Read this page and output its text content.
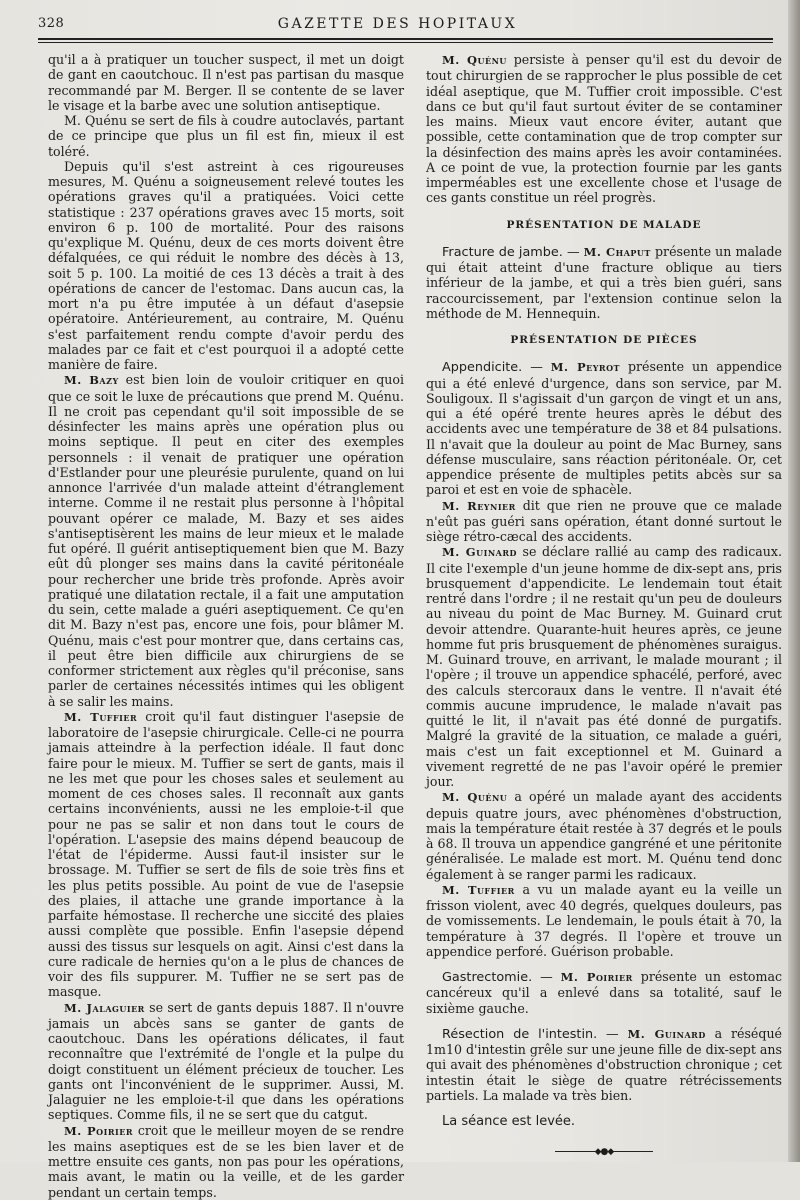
328	GAZETTE DES HOPITAUX

qu'il a à pratiquer un toucher suspect, il met un doigt de gant en caoutchouc. Il n'est pas partisan du masque recommandé par M. Berger. Il se contente de se laver le visage et la barbe avec une solution antiseptique.

M. Quénu se sert de fils à coudre autoclavés, partant de ce principe que plus un fil est fin, mieux il est toléré.

Depuis qu'il s'est astreint à ces rigoureuses mesures, M. Quénu a soigneusement relevé toutes les opérations graves qu'il a pratiquées. Voici cette statistique : 237 opérations graves avec 15 morts, soit environ 6 p. 100 de mortalité. Pour des raisons qu'explique M. Quénu, deux de ces morts doivent être défalquées, ce qui réduit le nombre des décès à 13, soit 5 p. 100. La moitié de ces 13 décès a trait à des opérations de cancer de l'estomac. Dans aucun cas, la mort n'a pu être imputée à un défaut d'asepsie opératoire. Antérieurement, au contraire, M. Quénu s'est parfaitement rendu compte d'avoir perdu des malades par ce fait et c'est pourquoi il a adopté cette manière de faire.

M. Bazy est bien loin de vouloir critiquer en quoi que ce soit le luxe de précautions que prend M. Quénu. Il ne croit pas cependant qu'il soit impossible de se désinfecter les mains après une opération plus ou moins septique. Il peut en citer des exemples personnels : il venait de pratiquer une opération d'Estlander pour une pleurésie purulente, quand on lui annonce l'arrivée d'un malade atteint d'étranglement interne. Comme il ne restait plus personne à l'hôpital pouvant opérer ce malade, M. Bazy et ses aides s'antiseptisèrent les mains de leur mieux et le malade fut opéré. Il guérit antiseptiquement bien que M. Bazy eût dû plonger ses mains dans la cavité péritonéale pour rechercher une bride très profonde. Après avoir pratiqué une dilatation rectale, il a fait une amputation du sein, cette malade a guéri aseptiquement. Ce qu'en dit M. Bazy n'est pas, encore une fois, pour blâmer M. Quénu, mais c'est pour montrer que, dans certains cas, il peut être bien difficile aux chirurgiens de se conformer strictement aux règles qu'il préconise, sans parler de certaines nécessités intimes qui les obligent à se salir les mains.

M. Tuffier croit qu'il faut distinguer l'asepsie de laboratoire de l'asepsie chirurgicale. Celle-ci ne pourra jamais atteindre à la perfection idéale. Il faut donc faire pour le mieux. M. Tuffier se sert de gants, mais il ne les met que pour les choses sales et seulement au moment de ces choses sales. Il reconnaît aux gants certains inconvénients, aussi ne les emploie-t-il que pour ne pas se salir et non dans tout le cours de l'opération. L'asepsie des mains dépend beaucoup de l'état de l'épiderme. Aussi faut-il insister sur le brossage. M. Tuffier se sert de fils de soie très fins et les plus petits possible. Au point de vue de l'asepsie des plaies, il attache une grande importance à la parfaite hémostase. Il recherche une siccité des plaies aussi complète que possible. Enfin l'asepsie dépend aussi des tissus sur lesquels on agit. Ainsi c'est dans la cure radicale de hernies qu'on a le plus de chances de voir des fils suppurer. M. Tuffier ne se sert pas de masque.

M. Jalaguier se sert de gants depuis 1887. Il n'ouvre jamais un abcès sans se ganter de gants de caoutchouc. Dans les opérations délicates, il faut reconnaître que l'extrémité de l'ongle et la pulpe du doigt constituent un élément précieux de toucher. Les gants ont l'inconvénient de le supprimer. Aussi, M. Jalaguier ne les emploie-t-il que dans les opérations septiques. Comme fils, il ne se sert que du catgut.

M. Poirier croit que le meilleur moyen de se rendre les mains aseptiques est de se les bien laver et de mettre ensuite ces gants, non pas pour les opérations, mais avant, le matin ou la veille, et de les garder pendant un certain temps.

M. Quénu persiste à penser qu'il est du devoir de tout chirurgien de se rapprocher le plus possible de cet idéal aseptique, que M. Tuffier croit impossible. C'est dans ce but qu'il faut surtout éviter de se contaminer les mains. Mieux vaut encore éviter, autant que possible, cette contamination que de trop compter sur la désinfection des mains après les avoir contaminées. A ce point de vue, la protection fournie par les gants imperméables est une excellente chose et l'usage de ces gants constitue un réel progrès.

PRÉSENTATION DE MALADE

Fracture de jambe. — M. Chaput présente un malade qui était atteint d'une fracture oblique au tiers inférieur de la jambe, et qui a très bien guéri, sans raccourcissement, par l'extension continue selon la méthode de M. Hennequin.

PRÉSENTATION DE PIÈCES

Appendicite. — M. Peyrot présente un appendice qui a été enlevé d'urgence, dans son service, par M. Souligoux. Il s'agissait d'un garçon de vingt et un ans, qui a été opéré trente heures après le début des accidents avec une température de 38 et 84 pulsations. Il n'avait que la douleur au point de Mac Burney, sans défense musculaire, sans réaction péritonéale. Or, cet appendice présente de multiples petits abcès sur sa paroi et est en voie de sphacèle.

M. Reynier dit que rien ne prouve que ce malade n'eût pas guéri sans opération, étant donné surtout le siège rétro-cæcal des accidents.

M. Guinard se déclare rallié au camp des radicaux. Il cite l'exemple d'un jeune homme de dix-sept ans, pris brusquement d'appendicite. Le lendemain tout était rentré dans l'ordre ; il ne restait qu'un peu de douleurs au niveau du point de Mac Burney. M. Guinard crut devoir attendre. Quarante-huit heures après, ce jeune homme fut pris brusquement de phénomènes suraigus. M. Guinard trouve, en arrivant, le malade mourant ; il l'opère ; il trouve un appendice sphacélé, perforé, avec des calculs stercoraux dans le ventre. Il n'avait été commis aucune imprudence, le malade n'avait pas quitté le lit, il n'avait pas été donné de purgatifs. Malgré la gravité de la situation, ce malade a guéri, mais c'est un fait exceptionnel et M. Guinard a vivement regretté de ne pas l'avoir opéré le premier jour.

M. Quénu a opéré un malade ayant des accidents depuis quatre jours, avec phénomènes d'obstruction, mais la température était restée à 37 degrés et le pouls à 68. Il trouva un appendice gangréné et une péritonite généralisée. Le malade est mort. M. Quénu tend donc également à se ranger parmi les radicaux.

M. Tuffier a vu un malade ayant eu la veille un frisson violent, avec 40 degrés, quelques douleurs, pas de vomissements. Le lendemain, le pouls était à 70, la température à 37 degrés. Il l'opère et trouve un appendice perforé. Guérison probable.

Gastrectomie. — M. Poirier présente un estomac cancéreux qu'il a enlevé dans sa totalité, sauf le sixième gauche.

Résection de l'intestin. — M. Guinard a réséqué 1m10 d'intestin grêle sur une jeune fille de dix-sept ans qui avait des phénomènes d'obstruction chronique ; cet intestin était le siège de quatre rétrécissements partiels. La malade va très bien.

La séance est levée.

◆●◆
